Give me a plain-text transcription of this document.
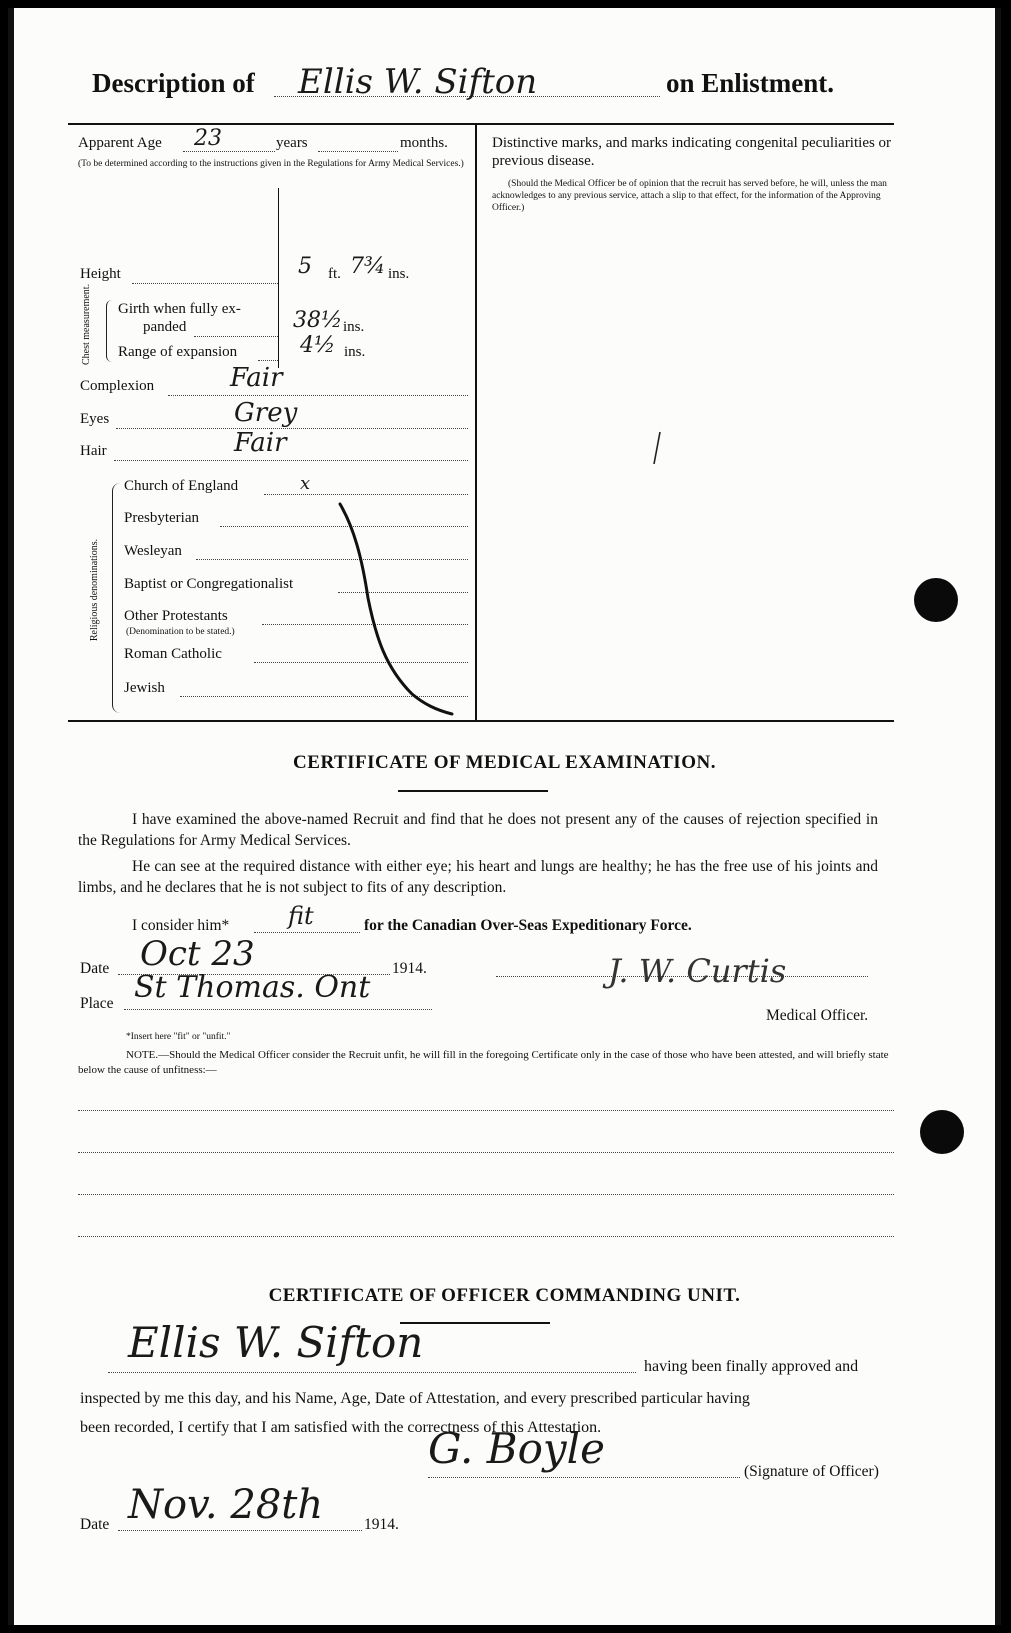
Description of Ellis W. Sifton	on Enlistment.
Apparent Age 23	years	months.
(To be determined according to the instructions given in the Regulations for Army Medical Services.)
Height	5 ft. 7¾ ins.
Chest measurement.	Girth when fully ex-
panded	38½ ins.
Range of expansion	4½ ins.
Complexion	Fair
Eyes	Grey
Hair	Fair
Religious denominations.
Church of England	x
Presbyterian
Wesleyan
Baptist or Congregationalist
Other Protestants
(Denomination to be stated.)
Roman Catholic
Jewish
Distinctive marks, and marks indicating congenital peculiarities or previous disease.
(Should the Medical Officer be of opinion that the recruit has served before, he will, unless the man acknowledges to any previous service, attach a slip to that effect, for the information of the Approving Officer.)
CERTIFICATE OF MEDICAL EXAMINATION.
I have examined the above-named Recruit and find that he does not present any of the causes of rejection specified in the Regulations for Army Medical Services.
He can see at the required distance with either eye; his heart and lungs are healthy; he has the free use of his joints and limbs, and he declares that he is not subject to fits of any description.
I consider him* fit	for the Canadian Over-Seas Expeditionary Force.
Date Oct 23	1914.
Place St Thomas. Ont	J. W. Curtis
Medical Officer.
*Insert here "fit" or "unfit."
NOTE.—Should the Medical Officer consider the Recruit unfit, he will fill in the foregoing Certificate only in the case of those who have been attested, and will briefly state below the cause of unfitness:—
CERTIFICATE OF OFFICER COMMANDING UNIT.
Ellis W. Sifton	having been finally approved and
inspected by me this day, and his Name, Age, Date of Attestation, and every prescribed particular having
been recorded, I certify that I am satisfied with the correctness of this Attestation.
G. Boyle	(Signature of Officer)
Date Nov. 28th	1914.
